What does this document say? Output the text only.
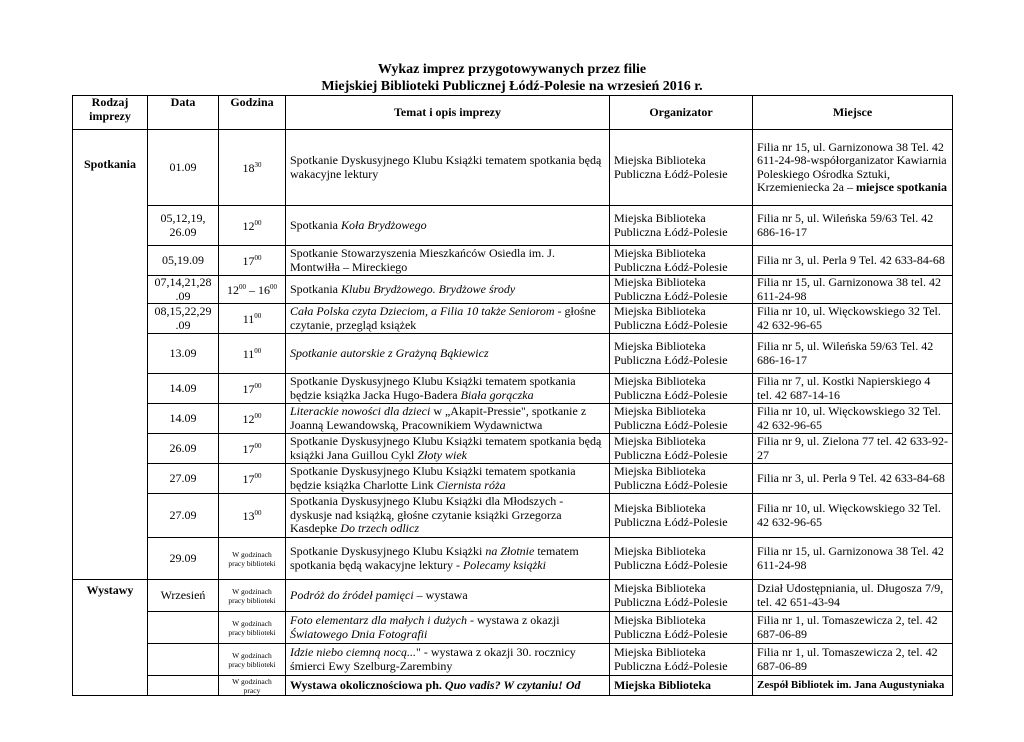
Wykaz imprez przygotowywanych przez filie
Miejskiej Biblioteki Publicznej Łódź-Polesie na wrzesień 2016 r.
Rodzaj imprezy	Data	Godzina	Temat i opis imprezy	Organizator	Miejsce
Spotkania	01.09	$18^{30}$	Spotkanie Dyskusyjnego Klubu Książki tematem spotkania będą wakacyjne lektury	Miejska Biblioteka Publiczna Łódź-Polesie	Filia nr 15, ul. Garnizonowa 38 Tel. 42 611-24-98-współorganizator Kawiarnia Poleskiego Ośrodka Sztuki, Krzemieniecka 2a – miejsce spotkania
	05,12,19, 26.09	$12^{00}$	Spotkania Koła Brydżowego	Miejska Biblioteka Publiczna Łódź-Polesie	Filia nr 5, ul. Wileńska 59/63 Tel. 42 686-16-17
	05,19.09	$17^{00}$	Spotkanie Stowarzyszenia Mieszkańców Osiedla im. J. Montwiłła – Mireckiego	Miejska Biblioteka Publiczna Łódź-Polesie	Filia nr 3, ul. Perla 9 Tel. 42 633-84-68
	07,14,21,28 .09	$12^{00} - 16^{00}$	Spotkania Klubu Brydżowego. Brydżowe środy	Miejska Biblioteka Publiczna Łódź-Polesie	Filia nr 15, ul. Garnizonowa 38 tel. 42 611-24-98
	08,15,22,29 .09	$11^{00}$	Cała Polska czyta Dzieciom, a Filia 10 także Seniorom - głośne czytanie, przegląd książek	Miejska Biblioteka Publiczna Łódź-Polesie	Filia nr 10, ul. Więckowskiego 32 Tel. 42 632-96-65
	13.09	$11^{00}$	Spotkanie autorskie z Grażyną Bąkiewicz	Miejska Biblioteka Publiczna Łódź-Polesie	Filia nr 5, ul. Wileńska 59/63 Tel. 42 686-16-17
	14.09	$17^{00}$	Spotkanie Dyskusyjnego Klubu Książki tematem spotkania będzie książka Jacka Hugo-Badera Biała gorączka	Miejska Biblioteka Publiczna Łódź-Polesie	Filia nr 7, ul. Kostki Napierskiego 4 tel. 42 687-14-16
	14.09	$12^{00}$	Literackie nowości dla dzieci w „Akapit-Pressie", spotkanie z Joanną Lewandowską, Pracownikiem Wydawnictwa	Miejska Biblioteka Publiczna Łódź-Polesie	Filia nr 10, ul. Więckowskiego 32 Tel. 42 632-96-65
	26.09	$17^{00}$	Spotkanie Dyskusyjnego Klubu Książki tematem spotkania będą książki Jana Guillou Cykl Złoty wiek	Miejska Biblioteka Publiczna Łódź-Polesie	Filia nr 9, ul. Zielona 77 tel. 42 633-92-27
	27.09	$17^{00}$	Spotkanie Dyskusyjnego Klubu Książki tematem spotkania będzie książka Charlotte Link Ciernista róża	Miejska Biblioteka Publiczna Łódź-Polesie	Filia nr 3, ul. Perla 9 Tel. 42 633-84-68
	27.09	$13^{00}$	Spotkania Dyskusyjnego Klubu Książki dla Młodszych - dyskusje nad książką, głośne czytanie książki Grzegorza Kasdepke Do trzech odlicz	Miejska Biblioteka Publiczna Łódź-Polesie	Filia nr 10, ul. Więckowskiego 32 Tel. 42 632-96-65
	29.09	W godzinach pracy biblioteki	Spotkanie Dyskusyjnego Klubu Książki na Złotnie tematem spotkania będą wakacyjne lektury - Polecamy książki	Miejska Biblioteka Publiczna Łódź-Polesie	Filia nr 15, ul. Garnizonowa 38 Tel. 42 611-24-98
Wystawy	Wrzesień	W godzinach pracy biblioteki	Podróż do źródeł pamięci – wystawa	Miejska Biblioteka Publiczna Łódź-Polesie	Dział Udostępniania, ul. Długosza 7/9, tel. 42 651-43-94
		W godzinach pracy biblioteki	Foto elementarz dla małych i dużych - wystawa z okazji Światowego Dnia Fotografii	Miejska Biblioteka Publiczna Łódź-Polesie	Filia nr 1, ul. Tomaszewicza 2, tel. 42 687-06-89
		W godzinach pracy biblioteki	Idzie niebo ciemną nocą..." - wystawa z okazji 30. rocznicy śmierci Ewy Szelburg-Zarembiny	Miejska Biblioteka Publiczna Łódź-Polesie	Filia nr 1, ul. Tomaszewicza 2, tel. 42 687-06-89
		W godzinach pracy	Wystawa okolicznościowa ph. Quo vadis? W czytaniu! Od	Miejska Biblioteka	Zespół Bibliotek im. Jana Augustyniaka
